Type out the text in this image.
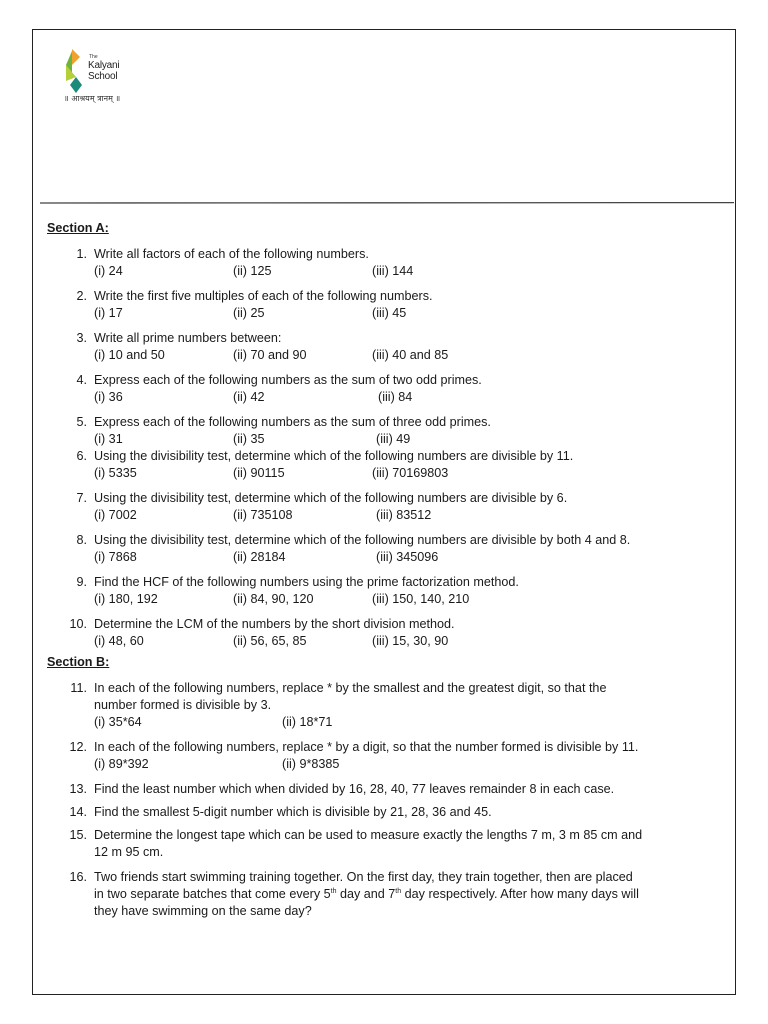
The
Kalyani
School
॥ आश्रयम् त्रानम् ॥
Section A:
1. Write all factors of each of the following numbers.
(i) 24	(ii) 125	(iii) 144
2. Write the first five multiples of each of the following numbers.
(i) 17	(ii) 25	(iii) 45
3. Write all prime numbers between:
(i) 10 and 50	(ii) 70 and 90	(iii) 40 and 85
4. Express each of the following numbers as the sum of two odd primes.
(i) 36	(ii) 42	(iii) 84
5. Express each of the following numbers as the sum of three odd primes.
(i) 31	(ii) 35	(iii) 49
6. Using the divisibility test, determine which of the following numbers are divisible by 11.
(i) 5335	(ii) 90115	(iii) 70169803
7. Using the divisibility test, determine which of the following numbers are divisible by 6.
(i) 7002	(ii) 735108	(iii) 83512
8. Using the divisibility test, determine which of the following numbers are divisible by both 4 and 8.
(i) 7868	(ii) 28184	(iii) 345096
9. Find the HCF of the following numbers using the prime factorization method.
(i) 180, 192	(ii) 84, 90, 120	(iii) 150, 140, 210
10. Determine the LCM of the numbers by the short division method.
(i) 48, 60	(ii) 56, 65, 85	(iii) 15, 30, 90
Section B:
11. In each of the following numbers, replace * by the smallest and the greatest digit, so that the
number formed is divisible by 3.
(i) 35*64	(ii) 18*71
12. In each of the following numbers, replace * by a digit, so that the number formed is divisible by 11.
(i) 89*392	(ii) 9*8385
13. Find the least number which when divided by 16, 28, 40, 77 leaves remainder 8 in each case.
14. Find the smallest 5-digit number which is divisible by 21, 28, 36 and 45.
15. Determine the longest tape which can be used to measure exactly the lengths 7 m, 3 m 85 cm and
12 m 95 cm.
16. Two friends start swimming training together. On the first day, they train together, then are placed
in two separate batches that come every 5th day and 7th day respectively. After how many days will
they have swimming on the same day?
